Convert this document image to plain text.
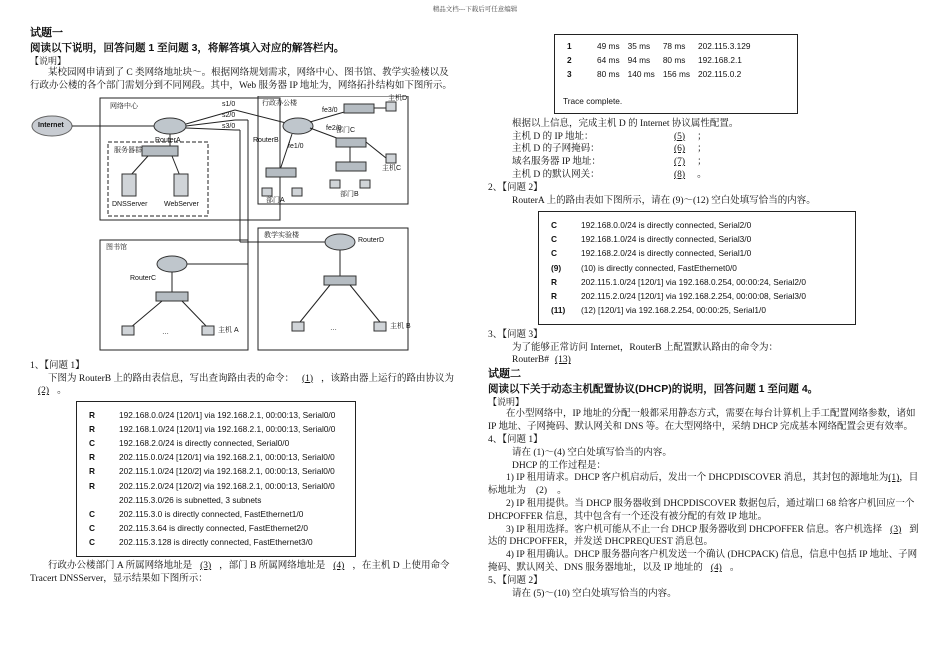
精品文档---下载后可任意编辑
试题一
阅读以下说明，回答问题 1 至问题 3，将解答填入对应的解答栏内。

【说明】

某校园网申请到了 C 类网络地址块～。根据网络规划需求，网络中心、图书馆、教学实验楼以及行政办公楼的各个部门需划分到不同网段。其中，Web 服务器 IP 地址为，网络拓扑结构如下图所示。

Internet
网络中心
RouterA
服务器群
DNSServer WebServer
s1/0
s2/0
s3/0
行政办公楼
RouterB
fe3/0
fe2/0
fe1/0
主机D
部门C
主机C
部门B
部门A
图书馆
RouterC
主机 A
…
教学实验楼
RouterD
主机 B
…

1、【问题 1】

下图为 RouterB 上的路由表信息，写出查询路由表的命令： (1) ，该路由器上运行的路由协议为(2) 。

R	192.168.0.0/24 [120/1] via 192.168.2.1, 00:00:13, Serial0/0
R	192.168.1.0/24 [120/1] via 192.168.2.1, 00:00:13, Serial0/0
C	192.168.2.0/24 is directly connected, Serial0/0
R	202.115.0.0/24 [120/1] via 192.168.2.1, 00:00:13, Serial0/0
R	202.115.1.0/24 [120/2] via 192.168.2.1, 00:00:13, Serial0/0
R	202.115.2.0/24 [120/2] via 192.168.2.1, 00:00:13, Serial0/0
	202.115.3.0/26 is subnetted, 3 subnets
C	202.115.3.0 is directly connected, FastEthernet1/0
C	202.115.3.64 is directly connected, FastEthernet2/0
C	202.115.3.128 is directly connected, FastEthernet3/0

行政办公楼部门 A 所属网络地址是 (3) ，部门 B 所属网络地址是 (4) ，在主机 D 上使用命令 Tracert DNSServer，显示结果如下图所示：

1	49 ms	35 ms	78 ms	202.115.3.129
2	64 ms	94 ms	80 ms	192.168.2.1
3	80 ms	140 ms	156 ms	202.115.0.2
Trace complete.

根据以上信息，完成主机 D 的 Internet 协议属性配置。

主机 D 的 IP 地址：	(5) ；

主机 D 的子网掩码：	(6) ；

域名服务器 IP 地址：	(7) ；

主机 D 的默认网关：	(8) 。

2、【问题 2】

RouterA 上的路由表如下图所示，请在 (9)～(12) 空白处填写恰当的内容。

C	192.168.0.0/24 is directly connected, Serial2/0
C	192.168.1.0/24 is directly connected, Serial3/0
C	192.168.2.0/24 is directly connected, Serial1/0
(9)	(10) is directly connected, FastEthernet0/0
R	202.115.1.0/24 [120/1] via 192.168.0.254, 00:00:24, Serial2/0
R	202.115.2.0/24 [120/1] via 192.168.2.254, 00:00:08, Serial3/0
(11)	(12) [120/1] via 192.168.2.254, 00:00:25, Serial1/0

3、【问题 3】

为了能够正常访问 Internet，RouterB 上配置默认路由的命令为：

RouterB# (13)

试题二
阅读以下关于动态主机配置协议(DHCP)的说明，回答问题 1 至问题 4。

【说明】

在小型网络中，IP 地址的分配一般都采用静态方式，需要在每台计算机上手工配置网络参数，诸如 IP 地址、子网掩码、默认网关和 DNS 等。在大型网络中，采纳 DHCP 完成基本网络配置会更有效率。

4、【问题 1】

请在 (1)～(4) 空白处填写恰当的内容。

DHCP 的工作过程是：

1) IP 租用请求。DHCP 客户机启动后，发出一个 DHCPDISCOVER 消息，其封包的源地址为(1)，目标地址为 (2) 。

2) IP 租用提供。当 DHCP 服务器收到 DHCPDISCOVER 数据包后，通过端口 68 给客户机回应一个 DHCPOFFER 信息，其中包含有一个还没有被分配的有效 IP 地址。

3) IP 租用选择。客户机可能从不止一台 DHCP 服务器收到 DHCPOFFER 信息。客户机选择 (3) 到达的 DHCPOFFER，并发送 DHCPREQUEST 消息包。

4) IP 租用确认。DHCP 服务器向客户机发送一个确认 (DHCPACK) 信息，信息中包括 IP 地址、子网掩码、默认网关、DNS 服务器地址，以及 IP 地址的 (4) 。

5、【问题 2】

请在 (5)～(10) 空白处填写恰当的内容。
